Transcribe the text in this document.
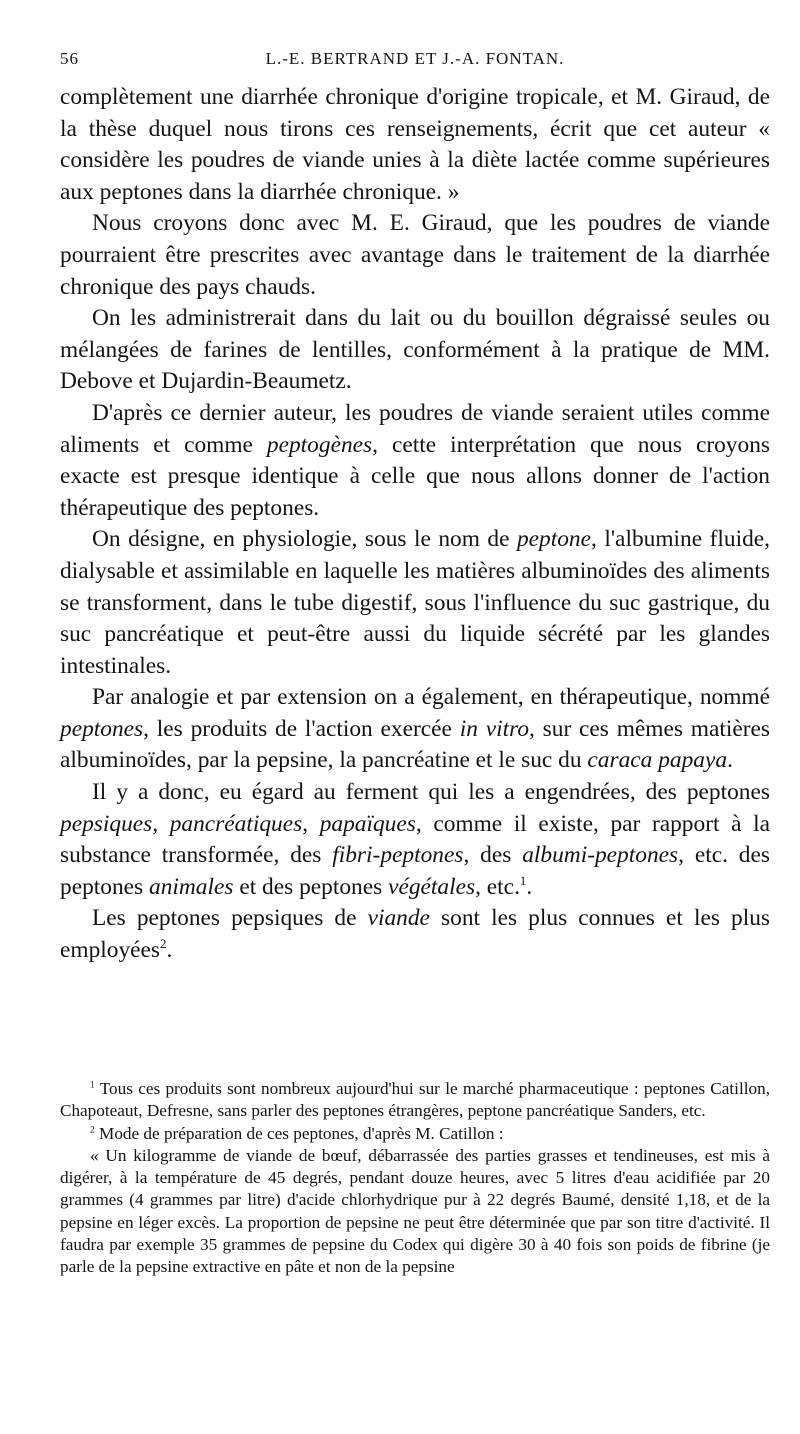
56	L.-E. BERTRAND ET J.-A. FONTAN.

complètement une diarrhée chronique d'origine tropicale, et M. Giraud, de la thèse duquel nous tirons ces renseignements, écrit que cet auteur « considère les poudres de viande unies à la diète lactée comme supérieures aux peptones dans la diarrhée chronique. »

Nous croyons donc avec M. E. Giraud, que les poudres de viande pourraient être prescrites avec avantage dans le traitement de la diarrhée chronique des pays chauds.

On les administrerait dans du lait ou du bouillon dégraissé seules ou mélangées de farines de lentilles, conformément à la pratique de MM. Debove et Dujardin-Beaumetz.

D'après ce dernier auteur, les poudres de viande seraient utiles comme aliments et comme peptogènes, cette interprétation que nous croyons exacte est presque identique à celle que nous allons donner de l'action thérapeutique des peptones.

On désigne, en physiologie, sous le nom de peptone, l'albumine fluide, dialysable et assimilable en laquelle les matières albuminoïdes des aliments se transforment, dans le tube digestif, sous l'influence du suc gastrique, du suc pancréatique et peut-être aussi du liquide sécrété par les glandes intestinales.

Par analogie et par extension on a également, en thérapeutique, nommé peptones, les produits de l'action exercée in vitro, sur ces mêmes matières albuminoïdes, par la pepsine, la pancréatine et le suc du caraca papaya.

Il y a donc, eu égard au ferment qui les a engendrées, des peptones pepsiques, pancréatiques, papaïques, comme il existe, par rapport à la substance transformée, des fibri-peptones, des albumi-peptones, etc. des peptones animales et des peptones végétales, etc.$^1$.

Les peptones pepsiques de viande sont les plus connues et les plus employées$^2$.

$^1$ Tous ces produits sont nombreux aujourd'hui sur le marché pharmaceutique : peptones Catillon, Chapoteaut, Defresne, sans parler des peptones étrangères, peptone pancréatique Sanders, etc.

$^2$ Mode de préparation de ces peptones, d'après M. Catillon :

« Un kilogramme de viande de bœuf, débarrassée des parties grasses et tendineuses, est mis à digérer, à la température de 45 degrés, pendant douze heures, avec 5 litres d'eau acidifiée par 20 grammes (4 grammes par litre) d'acide chlorhydrique pur à 22 degrés Baumé, densité 1,18, et de la pepsine en léger excès. La proportion de pepsine ne peut être déterminée que par son titre d'activité. Il faudra par exemple 35 grammes de pepsine du Codex qui digère 30 à 40 fois son poids de fibrine (je parle de la pepsine extractive en pâte et non de la pepsine
